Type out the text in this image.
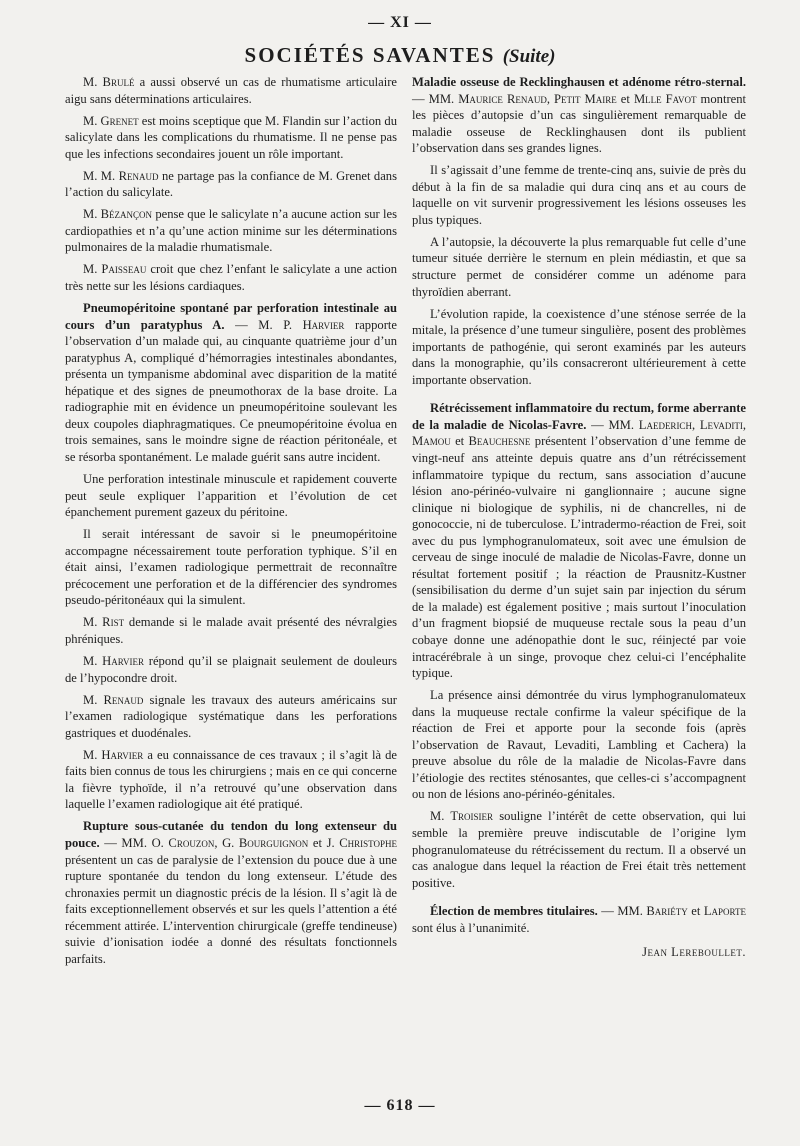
— XI —
SOCIÉTÉS SAVANTES (Suite)

M. Brulé a aussi observé un cas de rhumatisme articulaire aigu sans déterminations articulaires.

M. Grenet est moins sceptique que M. Flandin sur l’action du salicylate dans les complications du rhumatisme. Il ne pense pas que les infections secondaires jouent un rôle important.

M. M. Renaud ne partage pas la confiance de M. Grenet dans l’action du salicylate.

M. Bézançon pense que le salicylate n’a aucune action sur les cardiopathies et n’a qu’une action minime sur les déterminations pulmonaires de la maladie rhumatismale.

M. Paisseau croit que chez l’enfant le salicylate a une action très nette sur les lésions cardiaques.

Pneumopéritoine spontané par perforation intestinale au cours d’un paratyphus A. — M. P. Harvier rapporte l’observation d’un malade qui, au cinquante quatrième jour d’un paratyphus A, compliqué d’hémorragies intestinales abondantes, présenta un tympanisme abdominal avec disparition de la matité hépatique et des signes de pneumothorax de la base droite. La radiographie mit en évidence un pneumopéritoine soulevant les deux coupoles diaphragmatiques. Ce pneumopéritoine évolua en trois semaines, sans le moindre signe de réaction péritonéale, et se résorba spontanément. Le malade guérit sans autre incident.

Une perforation intestinale minuscule et rapidement couverte peut seule expliquer l’apparition et l’évolution de cet épanchement purement gazeux du péritoine.

Il serait intéressant de savoir si le pneumopéritoine accompagne nécessairement toute perforation typhique. S’il en était ainsi, l’examen radiologique permettrait de reconnaître précocement une perforation et de la différencier des syndromes pseudo-péritonéaux qui la simulent.

M. Rist demande si le malade avait présenté des névralgies phréniques.

M. Harvier répond qu’il se plaignait seulement de douleurs de l’hypocondre droit.

M. Renaud signale les travaux des auteurs américains sur l’examen radiologique systématique dans les perforations gastriques et duodénales.

M. Harvier a eu connaissance de ces travaux ; il s’agit là de faits bien connus de tous les chirurgiens ; mais en ce qui concerne la fièvre typhoïde, il n’a retrouvé qu’une observation dans laquelle l’examen radiologique ait été pratiqué.

Rupture sous-cutanée du tendon du long extenseur du pouce. — MM. O. Crouzon, G. Bourguignon et J. Christophe présentent un cas de paralysie de l’extension du pouce due à une rupture spontanée du tendon du long extenseur. L’étude des chronaxies permit un diagnostic précis de la lésion. Il s’agit là de faits exceptionnellement observés et sur les quels l’attention a été récemment attirée. L’intervention chirurgicale (greffe tendineuse) suivie d’ionisation iodée a donné des résultats fonctionnels parfaits.

Maladie osseuse de Recklinghausen et adénome rétro-sternal. — MM. Maurice Renaud, Petit Maire et Mlle Favot montrent les pièces d’autopsie d’un cas singulièrement remarquable de maladie osseuse de Recklinghausen dont ils publient l’observation dans ses grandes lignes.

Il s’agissait d’une femme de trente-cinq ans, suivie de près du début à la fin de sa maladie qui dura cinq ans et au cours de laquelle on vit survenir progressivement les lésions osseuses les plus typiques.

A l’autopsie, la découverte la plus remarquable fut celle d’une tumeur située derrière le sternum en plein médiastin, et que sa structure permet de considérer comme un adénome para thyroïdien aberrant.

L’évolution rapide, la coexistence d’une sténose serrée de la mitale, la présence d’une tumeur singulière, posent des problèmes importants de pathogénie, qui seront examinés par les auteurs dans la monographie, qu’ils consacreront ultérieurement à cette importante observation.

Rétrécissement inflammatoire du rectum, forme aberrante de la maladie de Nicolas-Favre. — MM. Laederich, Levaditi, Mamou et Beauchesne présentent l’observation d’une femme de vingt-neuf ans atteinte depuis quatre ans d’un rétrécissement inflammatoire typique du rectum, sans association d’aucune lésion ano-périnéo-vulvaire ni ganglionnaire ; aucune signe clinique ni biologique de syphilis, ni de chancrelles, ni de gonococcie, ni de tuberculose. L’intradermo-réaction de Frei, soit avec du pus lymphogranulomateux, soit avec une émulsion de cerveau de singe inoculé de maladie de Nicolas-Favre, donne un résultat fortement positif ; la réaction de Prausnitz-Kustner (sensibilisation du derme d’un sujet sain par injection du sérum de la malade) est également positive ; mais surtout l’inoculation d’un fragment biopsié de muqueuse rectale sous la peau d’un cobaye donne une adénopathie dont le suc, réinjecté par voie intracérébrale à un singe, provoque chez celui-ci l’encéphalite typique.

La présence ainsi démontrée du virus lymphogranulomateux dans la muqueuse rectale confirme la valeur spécifique de la réaction de Frei et apporte pour la seconde fois (après l’observation de Ravaut, Levaditi, Lambling et Cachera) la preuve absolue du rôle de la maladie de Nicolas-Favre dans l’étiologie des rectites sténosantes, que celles-ci s’accompagnent ou non de lésions ano-périnéo-génitales.

M. Troisier souligne l’intérêt de cette observation, qui lui semble la première preuve indiscutable de l’origine lym phogranulomateuse du rétrécissement du rectum. Il a observé un cas analogue dans lequel la réaction de Frei était très nettement positive.

Élection de membres titulaires. — MM. Bariéty et Laporte sont élus à l’unanimité.

Jean Lereboullet.

— 618 —
